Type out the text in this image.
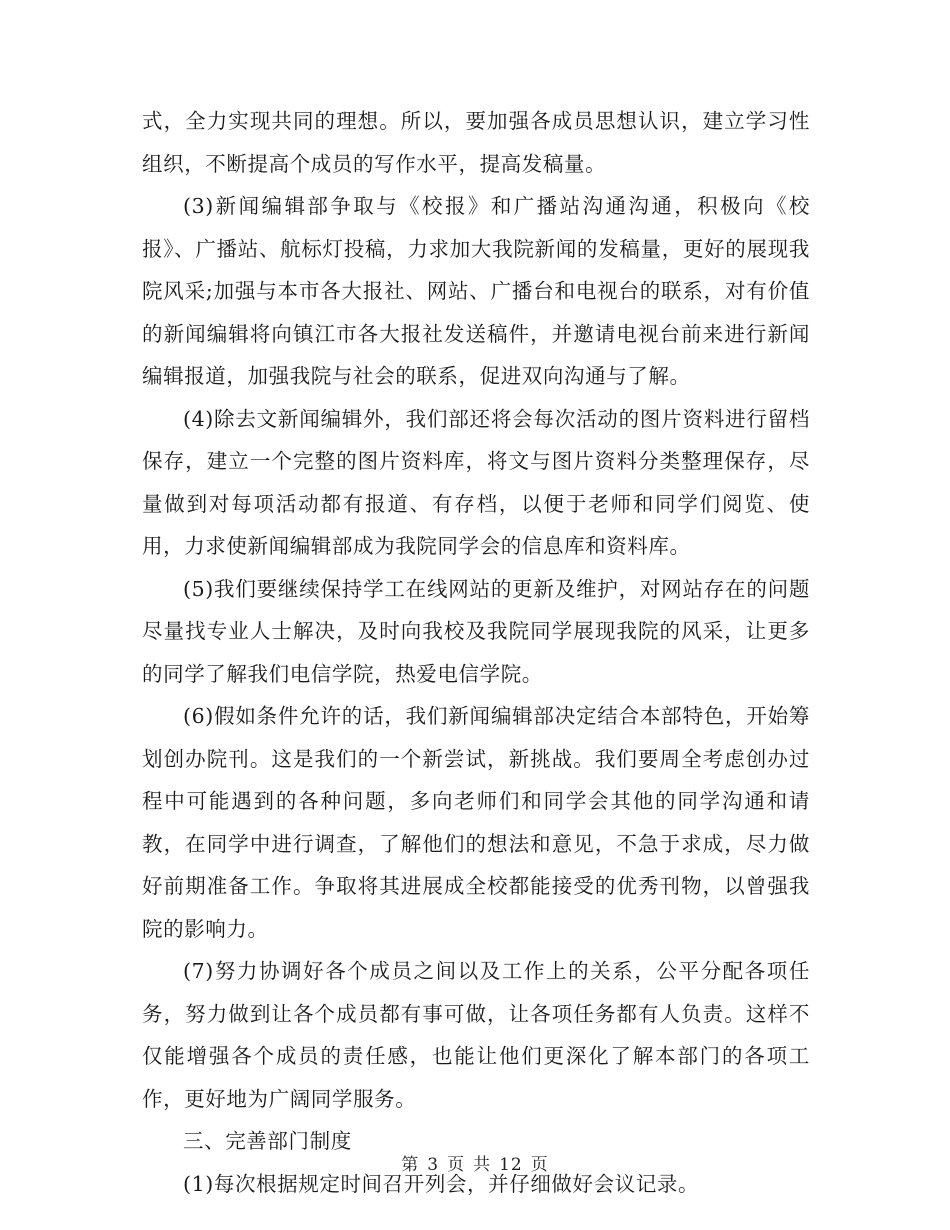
式，全力实现共同的理想。所以，要加强各成员思想认识，建立学习性组织，不断提高个成员的写作水平，提高发稿量。

(3)新闻编辑部争取与《校报》和广播站沟通沟通，积极向《校报》、广播站、航标灯投稿，力求加大我院新闻的发稿量，更好的展现我院风采;加强与本市各大报社、网站、广播台和电视台的联系，对有价值的新闻编辑将向镇江市各大报社发送稿件，并邀请电视台前来进行新闻编辑报道，加强我院与社会的联系，促进双向沟通与了解。

(4)除去文新闻编辑外，我们部还将会每次活动的图片资料进行留档保存，建立一个完整的图片资料库，将文与图片资料分类整理保存，尽量做到对每项活动都有报道、有存档，以便于老师和同学们阅览、使用，力求使新闻编辑部成为我院同学会的信息库和资料库。

(5)我们要继续保持学工在线网站的更新及维护，对网站存在的问题尽量找专业人士解决，及时向我校及我院同学展现我院的风采，让更多的同学了解我们电信学院，热爱电信学院。

(6)假如条件允许的话，我们新闻编辑部决定结合本部特色，开始筹划创办院刊。这是我们的一个新尝试，新挑战。我们要周全考虑创办过程中可能遇到的各种问题，多向老师们和同学会其他的同学沟通和请教，在同学中进行调查，了解他们的想法和意见，不急于求成，尽力做好前期准备工作。争取将其进展成全校都能接受的优秀刊物，以曾强我院的影响力。

(7)努力协调好各个成员之间以及工作上的关系，公平分配各项任务，努力做到让各个成员都有事可做，让各项任务都有人负责。这样不仅能增强各个成员的责任感，也能让他们更深化了解本部门的各项工作，更好地为广阔同学服务。

三、完善部门制度

(1)每次根据规定时间召开列会，并仔细做好会议记录。

第 3 页 共 12 页
